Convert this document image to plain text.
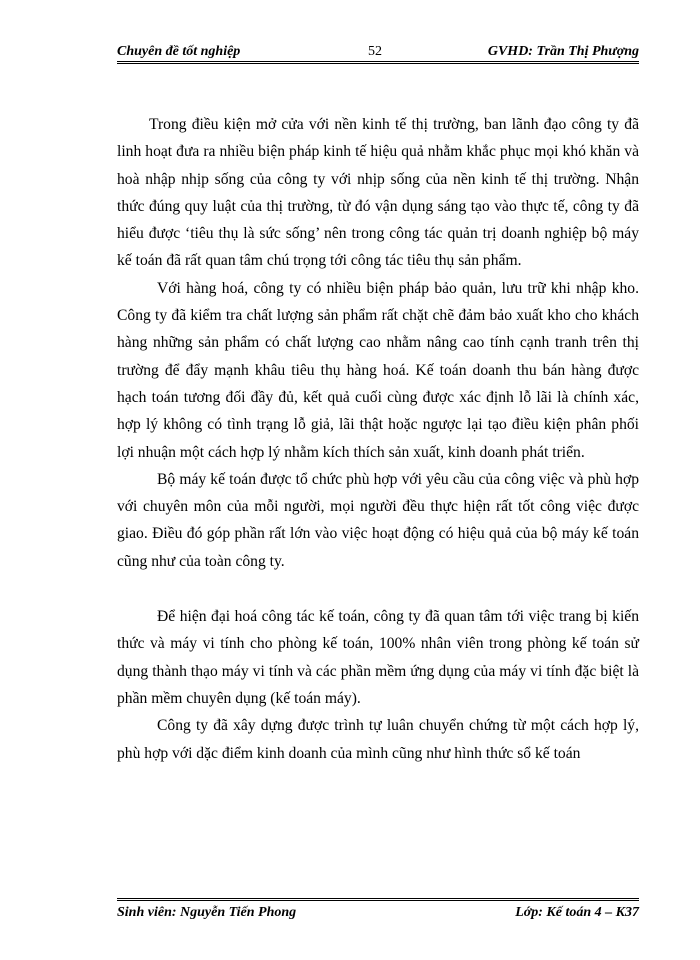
Chuyên đề tốt nghiệp	52	GVHD: Trần Thị Phượng

Trong điều kiện mở cửa với nền kinh tế thị trường, ban lãnh đạo công ty đã linh hoạt đưa ra nhiều biện pháp kinh tế hiệu quả nhằm khắc phục mọi khó khăn và hoà nhập nhịp sống của công ty với nhịp sống của nền kinh tế thị trường. Nhận thức đúng quy luật của thị trường, từ đó vận dụng sáng tạo vào thực tế, công ty đã hiểu được ‘tiêu thụ là sức sống’ nên trong công tác quản trị doanh nghiệp bộ máy kế toán đã rất quan tâm chú trọng tới công tác tiêu thụ sản phẩm.

Với hàng hoá, công ty có nhiều biện pháp bảo quản, lưu trữ khi nhập kho. Công ty đã kiểm tra chất lượng sản phẩm rất chặt chẽ đảm bảo xuất kho cho khách hàng những sản phẩm có chất lượng cao nhằm nâng cao tính cạnh tranh trên thị trường để đẩy mạnh khâu tiêu thụ hàng hoá. Kế toán doanh thu bán hàng được hạch toán tương đối đầy đủ, kết quả cuối cùng được xác định lỗ lãi là chính xác, hợp lý không có tình trạng lỗ giả, lãi thật hoặc ngược lại tạo điều kiện phân phối lợi nhuận một cách hợp lý nhằm kích thích sản xuất, kinh doanh phát triển.

Bộ máy kế toán được tổ chức phù hợp với yêu cầu của công việc và phù hợp với chuyên môn của mỗi người, mọi người đều thực hiện rất tốt công việc được giao. Điều đó góp phần rất lớn vào việc hoạt động có hiệu quả của bộ máy kế toán cũng như của toàn công ty.

Để hiện đại hoá công tác kế toán, công ty đã quan tâm tới việc trang bị kiến thức và máy vi tính cho phòng kế toán, 100% nhân viên trong phòng kế toán sử dụng thành thạo máy vi tính và các phần mềm ứng dụng của máy vi tính đặc biệt là phần mềm chuyên dụng (kế toán máy).

Công ty đã xây dựng được trình tự luân chuyển chứng từ một cách hợp lý, phù hợp với dặc điểm kinh doanh của mình cũng như hình thức sổ kế toán

Sinh viên: Nguyễn Tiến Phong	Lớp: Kế toán 4 – K37
